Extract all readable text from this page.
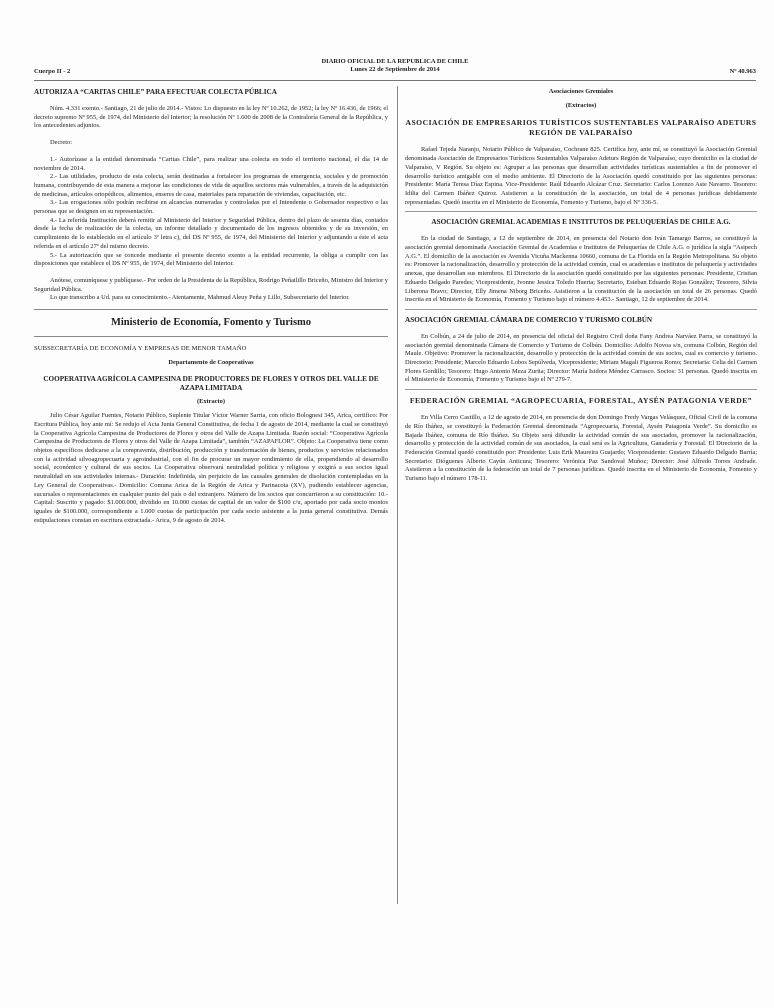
Cuerpo II - 2
DIARIO OFICIAL DE LA REPUBLICA DE CHILE
Lunes 22 de Septiembre de 2014	Nº 40.963

AUTORIZA A “CARITAS CHILE” PARA EFECTUAR COLECTA PÚBLICA

Núm. 4.331 exento.- Santiago, 21 de julio de 2014.- Vistos: Lo dispuesto en la ley Nº 10.262, de 1952; la ley Nº 16.436, de 1966; el decreto supremo Nº 955, de 1974, del Ministerio del Interior; la resolución Nº 1.600 de 2008 de la Contraloría General de la República, y los antecedentes adjuntos.

Decreto:

1.- Autorízase a la entidad denominada “Caritas Chile”, para realizar una colecta en todo el territorio nacional, el día 14 de noviembre de 2014.

2.- Las utilidades, producto de esta colecta, serán destinadas a fortalecer los programas de emergencia, sociales y de promoción humana, contribuyendo de esta manera a mejorar las condiciones de vida de aquellos sectores más vulnerables, a través de la adquisición de medicinas, artículos ortopédicos, alimentos, enseres de casa, materiales para reparación de viviendas, capacitación, etc.

3.- Las erogaciones sólo podrán recibirse en alcancías numeradas y controladas por el Intendente o Gobernador respectivo o las personas que se designen en su representación.

4.- La referida Institución deberá remitir al Ministerio del Interior y Seguridad Pública, dentro del plazo de sesenta días, contados desde la fecha de realización de la colecta, un informe detallado y documentado de los ingresos obtenidos y de su inversión, en cumplimiento de lo establecido en el artículo 3º letra c), del DS Nº 955, de 1974, del Ministerio del Interior y adjuntando a éste el acta referida en el artículo 27º del mismo decreto.

5.- La autorización que se concede mediante el presente decreto exento a la entidad recurrente, la obliga a cumplir con las disposiciones que establece el DS Nº 955, de 1974, del Ministerio del Interior.

Anótese, comuníquese y publíquese.- Por orden de la Presidenta de la República, Rodrigo Peñailillo Briceño, Ministro del Interior y Seguridad Pública.

Lo que transcribo a Ud. para su conocimiento.- Atentamente, Mahmud Aleuy Peña y Lillo, Subsecretario del Interior.

Ministerio de Economía, Fomento y Turismo

SUBSECRETARÍA DE ECONOMÍA Y EMPRESAS DE MENOR TAMAÑO

Departamento de Cooperativas

COOPERATIVA AGRÍCOLA CAMPESINA DE PRODUCTORES DE FLORES Y OTROS DEL VALLE DE AZAPA LIMITADA

(Extracto)

Julio César Aguilar Fuentes, Notario Público, Suplente Titular Víctor Warner Sarria, con oficio Bolognesi 345, Arica, certifico: Por Escritura Pública, hoy ante mí: Se redujo el Acta Junta General Constitutiva, de fecha 1 de agosto de 2014, mediante la cual se constituyó la Cooperativa Agrícola Campesina de Productores de Flores y otros del Valle de Azapa Limitada. Razón social: “Cooperativa Agrícola Campesina de Productores de Flores y otros del Valle de Azapa Limitada”, también “AZAPAFLOR”. Objeto: La Cooperativa tiene como objetos específicos dedicarse a la compraventa, distribución, producción y transformación de bienes, productos y servicios relacionados con la actividad silvoagropecuaria y agroindustrial, con el fin de procurar un mayor rendimiento de ella, propendiendo al desarrollo social, económico y cultural de sus socios. La Cooperativa observará neutralidad política y religiosa y exigirá a sus socios igual neutralidad en sus actividades internas.- Duración: Indefinida, sin perjuicio de las causales generales de disolución contempladas en la Ley General de Cooperativas.- Domicilio: Comuna Arica de la Región de Arica y Parinacota (XV), pudiendo establecer agencias, sucursales o representaciones en cualquier punto del país o del extranjero. Número de los socios que concurrieron a su constitución: 10.- Capital: Suscrito y pagado: $1.000.000, dividido en 10.000 cuotas de capital de un valor de $100 c/u, aportado por cada socio montos iguales de $100.000, correspondiente a 1.000 cuotas de participación por cada socio asistente a la junta general constitutiva. Demás estipulaciones constan en escritura extractada.- Arica, 9 de agosto de 2014.

Asociaciones Gremiales

(Extractos)

ASOCIACIÓN DE EMPRESARIOS TURÍSTICOS SUSTENTABLES VALPARAÍSO ADETURS REGIÓN DE VALPARAÍSO

Rafael Tejeda Naranjo, Notario Público de Valparaíso, Cochrane 825. Certifica hoy, ante mí, se constituyó la Asociación Gremial denominada Asociación de Empresarios Turísticos Sustentables Valparaíso Adeturs Región de Valparaíso, cuyo domicilio es la ciudad de Valparaíso, V Región. Su objeto es: Agrupar a las personas que desarrollan actividades turísticas sustentables a fin de promover el desarrollo turístico amigable con el medio ambiente. El Directorio de la Asociación quedó constituido por las siguientes personas: Presidente: María Teresa Díaz Espina. Vice-Presidente: Raúl Eduardo Alcázar Cruz. Secretario: Carlos Lorenzo Aste Navarro. Tesorero: Idilia del Carmen Ibáñez Quiroz. Asistieron a la constitución de la asociación, un total de 4 personas jurídicas debidamente representadas. Quedó inscrita en el Ministerio de Economía, Fomento y Turismo, bajo el Nº 336-5.

ASOCIACIÓN GREMIAL ACADEMIAS E INSTITUTOS DE PELUQUERÍAS DE CHILE A.G.

En la ciudad de Santiago, a 12 de septiembre de 2014, en presencia del Notario don Iván Tamargo Barros, se constituyó la asociación gremial denominada Asociación Gremial de Academias e Institutos de Peluquerías de Chile A.G. o jurídica la sigla “Asipech A.G.”. El domicilio de la asociación es Avenida Vicuña Mackenna 10660, comuna de La Florida en la Región Metropolitana. Su objeto es: Promover la racionalización, desarrollo y protección de la actividad común, cual es academias e institutos de peluquería y actividades anexas, que desarrollan sus miembros. El Directorio de la asociación quedó constituido por las siguientes personas: Presidente, Cristian Eduardo Delgado Paredes; Vicepresidente, Ivonne Jessica Toledo Huerta; Secretario, Esteban Eduardo Rojas González; Tesorero, Silvia Liberona Bravo; Director, Elly Jimena Niborg Briceño. Asistieron a la constitución de la asociación un total de 26 personas. Quedó inscrita en el Ministerio de Economía, Fomento y Turismo bajo el número 4.453.- Santiago, 12 de septiembre de 2014.

ASOCIACIÓN GREMIAL CÁMARA DE COMERCIO Y TURISMO COLBÚN

En Colbún, a 24 de julio de 2014, en presencia del oficial del Registro Civil doña Fany Andrea Narváez Parra, se constituyó la asociación gremial denominada Cámara de Comercio y Turismo de Colbún. Domicilio: Adolfo Novoa s/n, comuna Colbún, Región del Maule. Objetivo: Promover la racionalización, desarrollo y protección de la actividad común de sus socios, cual es comercio y turismo. Directorio: Presidente; Marcelo Eduardo Lobos Sepúlveda, Vicepresidente; Miriam Magali Figueroa Romo; Secretaria: Celia del Carmen Flores Gordillo; Tesorero: Hugo Antonio Meza Zurita; Director: María Isidora Méndez Carrasco. Socios: 31 personas. Quedó inscrita en el Ministerio de Economía, Fomento y Turismo bajo el Nº 279-7.

FEDERACIÓN GREMIAL “AGROPECUARIA, FORESTAL, AYSÉN PATAGONIA VERDE”

En Villa Cerro Castillo, a 12 de agosto de 2014, en presencia de don Domingo Fredy Vargas Velásquez, Oficial Civil de la comuna de Río Ibáñez, se constituyó la Federación Gremial denominada “Agropecuaria, Forestal, Aysén Patagonia Verde”. Su domicilio es Bajada Ibáñez, comuna de Río Ibáñez. Su Objeto será difundir la actividad común de sus asociados, promover la racionalización, desarrollo y protección de la actividad común de sus asociados, la cual será es la Agricultura, Ganadería y Forestal. El Directorio de la Federación Gremial quedó constituido por: Presidente: Luis Erik Maureira Guajardo; Vicepresidente: Gustavo Eduardo Delgado Barría; Secretario: Dióguenes Alberto Cayún Anticura; Tesorero: Verónica Paz Sandoval Muñoz; Director: José Alfredo Torres Andrade. Asistieron a la constitución de la federación un total de 7 personas jurídicas. Quedó inscrita en el Ministerio de Economía, Fomento y Turismo bajo el número 178-11.
